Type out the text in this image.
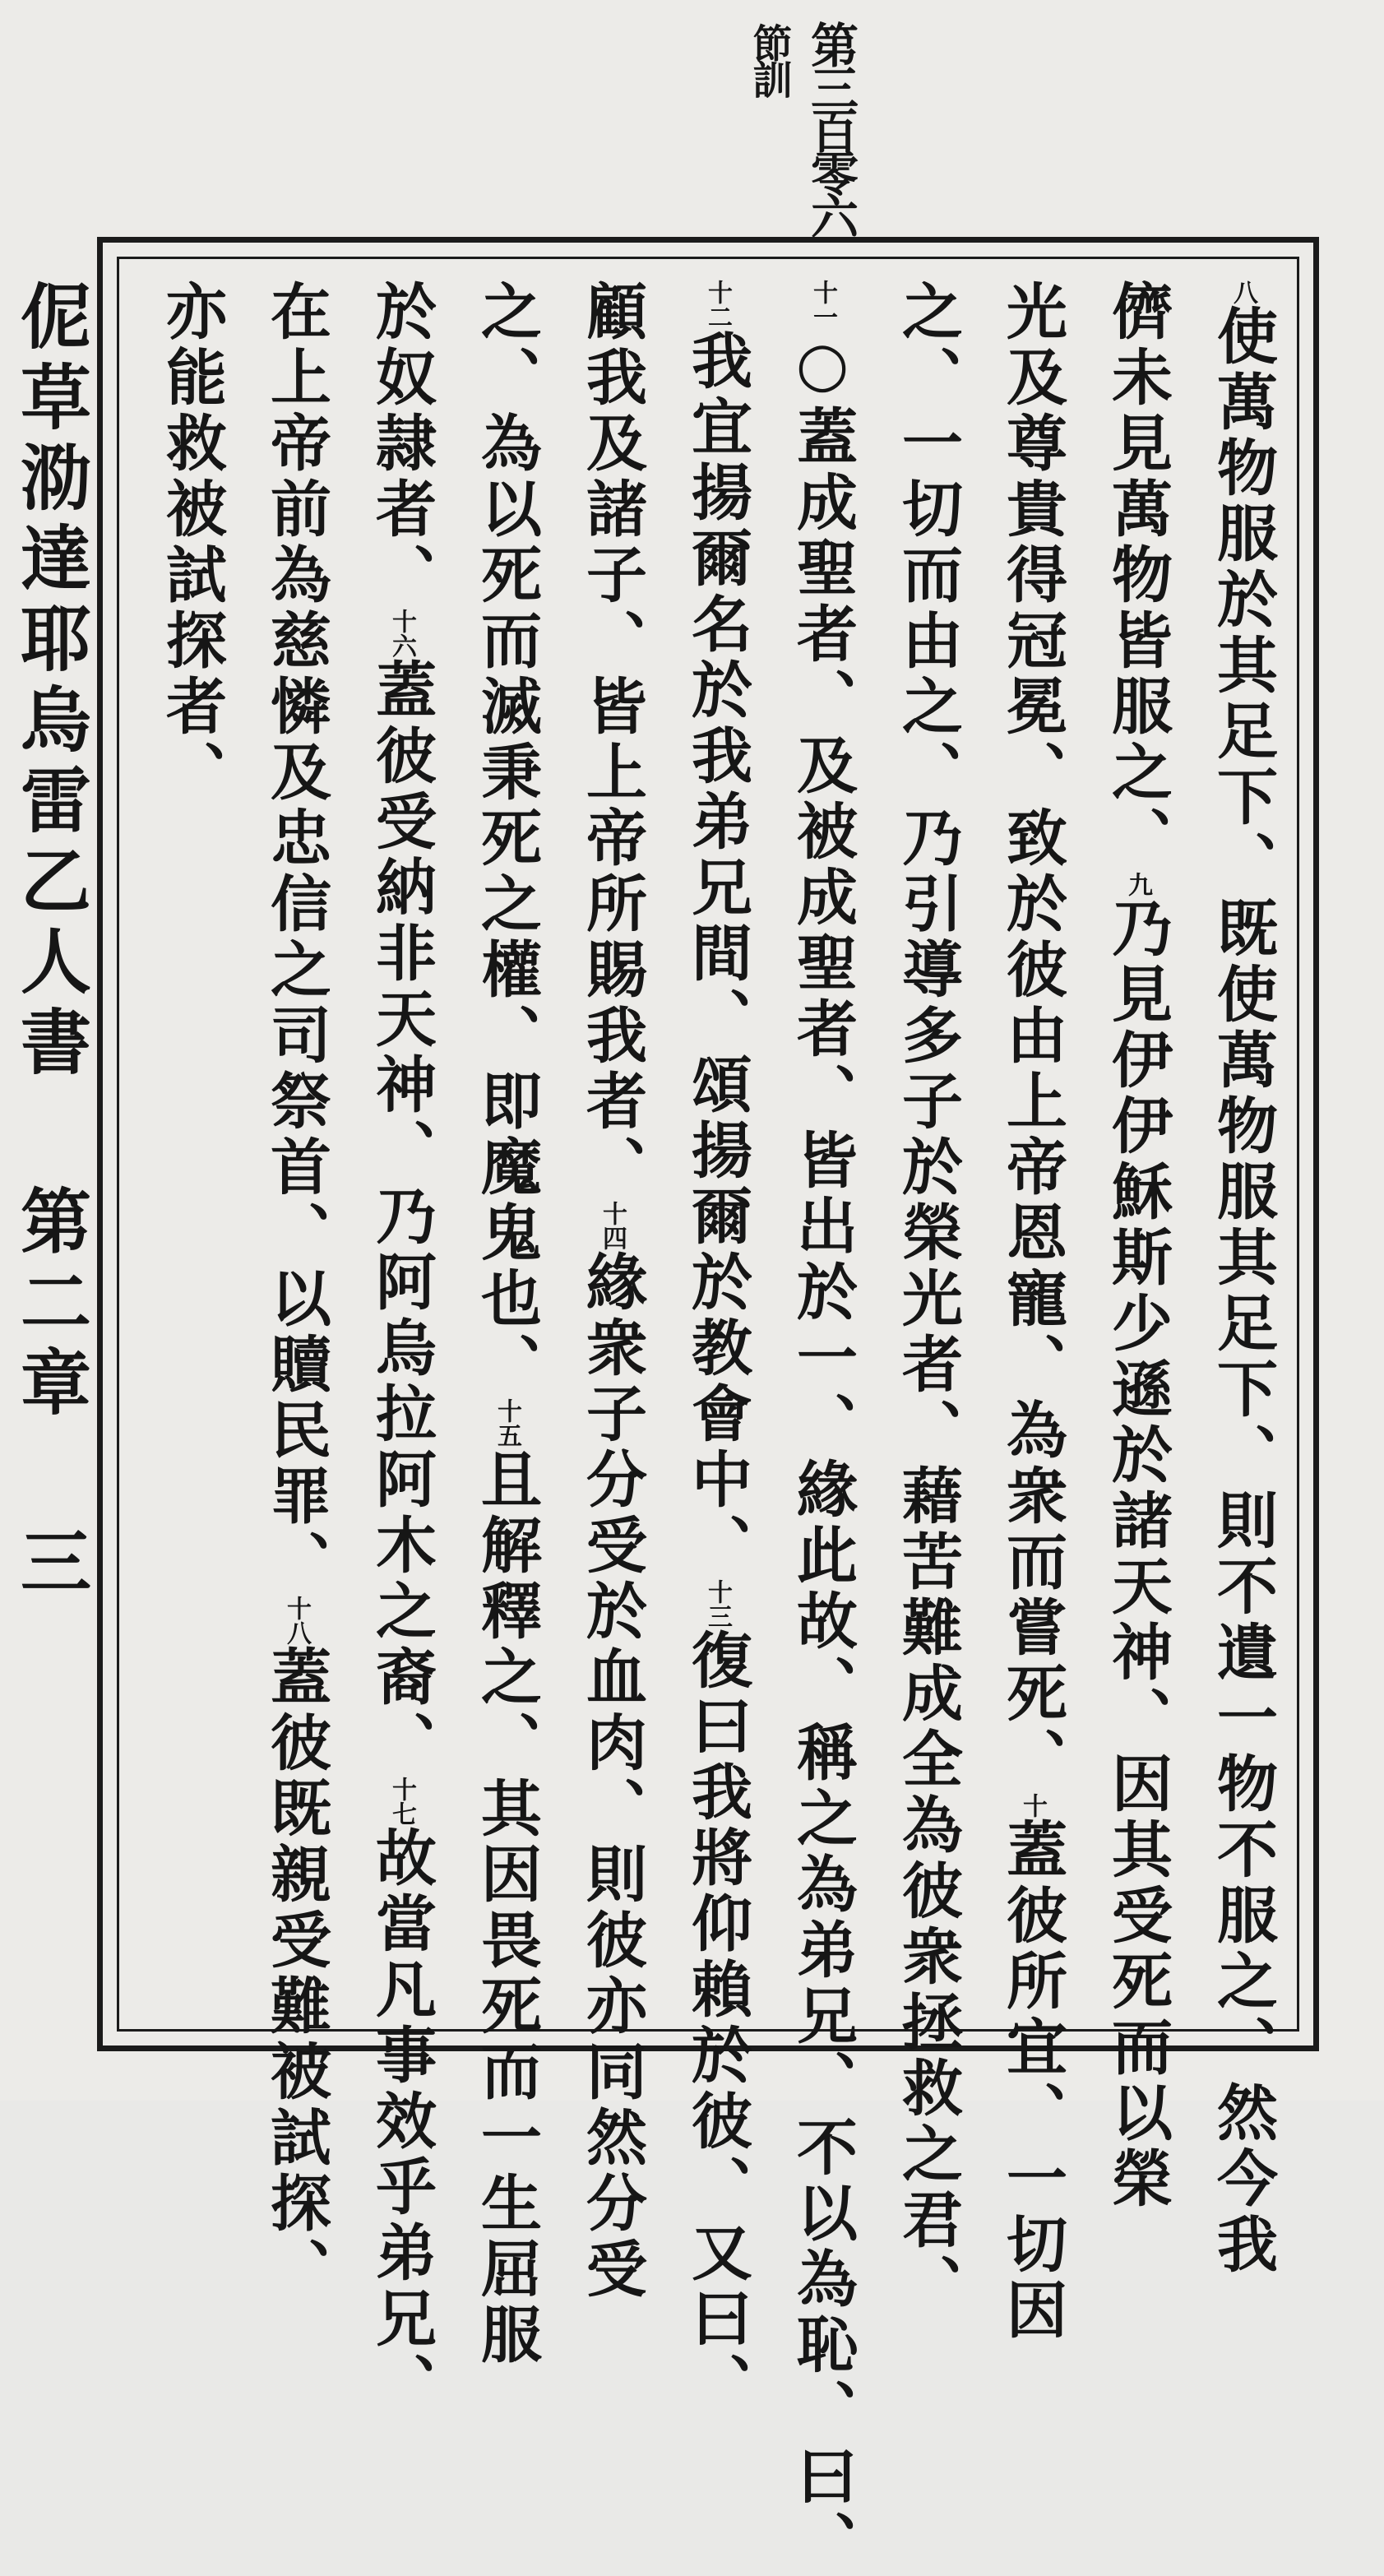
第三百零六
節訓
八使萬物服於其足下、既使萬物服其足下、則不遺一物不服之、然今我
儕未見萬物皆服之、九乃見伊伊穌斯少遜於諸天神、因其受死而以榮
光及尊貴得冠冕、致於彼由上帝恩寵、為衆而嘗死、十蓋彼所宜、一切因
之、一切而由之、乃引導多子於榮光者、藉苦難成全為彼衆拯救之君、
十一○蓋成聖者、及被成聖者、皆出於一、緣此故、稱之為弟兄、不以為恥、曰、
十二我宜揚爾名於我弟兄間、頌揚爾於教會中、十三復曰我將仰賴於彼、又曰、
顧我及諸子、皆上帝所賜我者、十四緣衆子分受於血肉、則彼亦同然分受
之、為以死而滅秉死之權、即魔鬼也、十五且解釋之、其因畏死而一生屈服
於奴隷者、十六蓋彼受納非天神、乃阿烏拉阿木之裔、十七故當凡事效乎弟兄、
在上帝前為慈憐及忠信之司祭首、以贖民罪、十八蓋彼既親受難被試探、
亦能救被試探者、
伲草泐達耶烏雷乙人書第二章三
